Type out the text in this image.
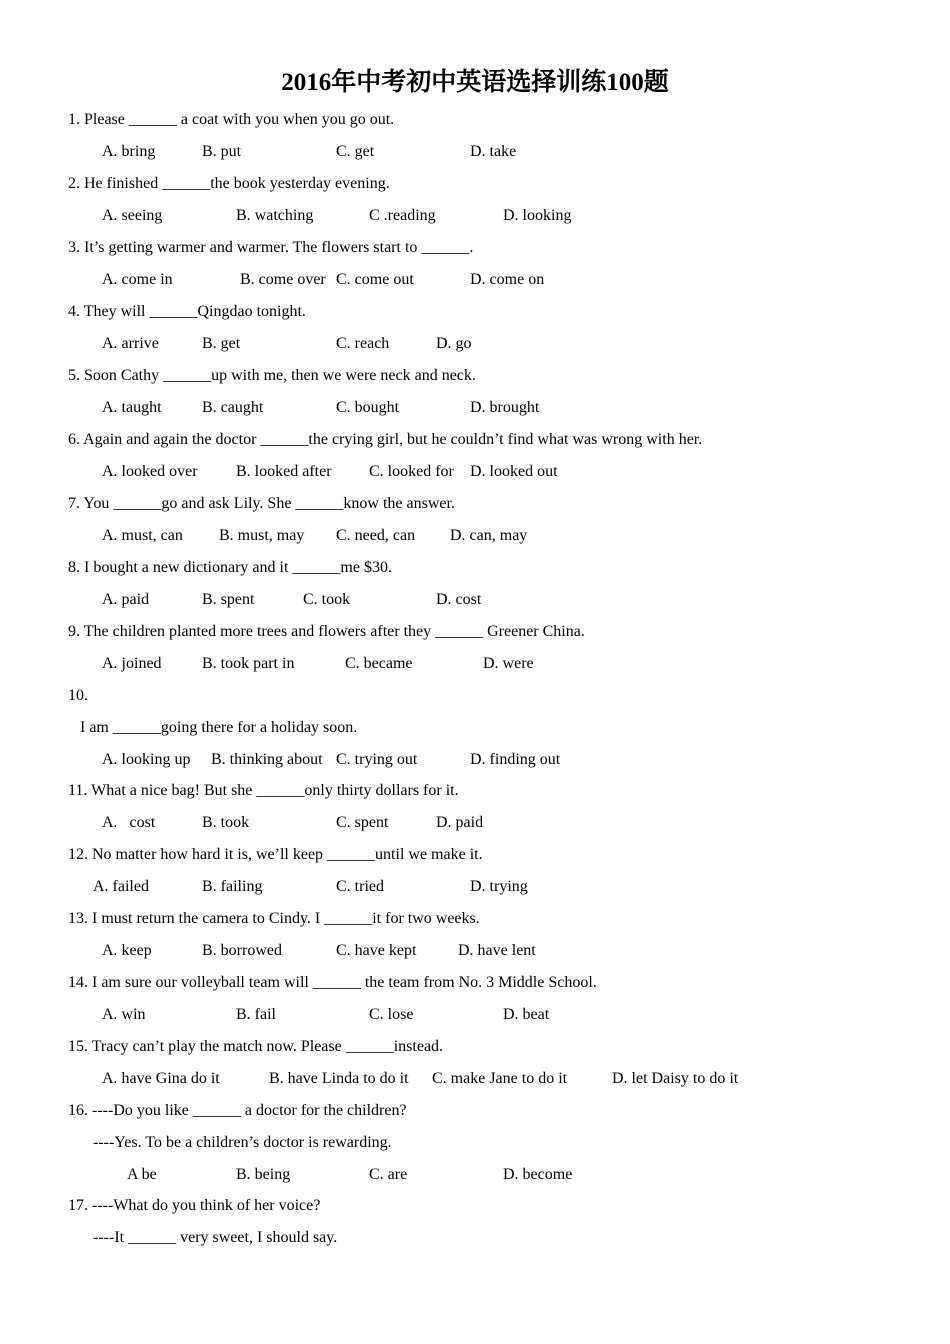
2016年中考初中英语选择训练100题
1. Please ______ a coat with you when you go out.
A. bring	B. put	C. get	D. take
2. He finished ______the book yesterday evening.
A. seeing	B. watching	C .reading	D. looking
3. It’s getting warmer and warmer. The flowers start to ______.
A. come in	B. come over C. come out	D. come on
4. They will ______Qingdao tonight.
A. arrive	B. get	C. reach	D. go
5. Soon Cathy ______up with me, then we were neck and neck.
A. taught	B. caught	C. bought	D. brought
6. Again and again the doctor ______the crying girl, but he couldn’t find what was wrong with her.
A. looked over B. looked after C. looked for D. looked out
7. You ______go and ask Lily. She ______know the answer.
A. must, can B. must, may C. need, can D. can, may
8. I bought a new dictionary and it ______me $30.
A. paid	B. spent	C. took	D. cost
9. The children planted more trees and flowers after they ______ Greener China.
A. joined	B. took part in	C. became	D. were
10.
I am ______going there for a holiday soon.
A. looking up B. thinking about C. trying out	D. finding out
11. What a nice bag! But she ______only thirty dollars for it.
A.   cost	B. took	C. spent	D. paid
12. No matter how hard it is, we’ll keep ______until we make it.
A. failed	B. failing	C. tried	D. trying
13. I must return the camera to Cindy. I ______it for two weeks.
A. keep	B. borrowed	C. have kept	D. have lent
14. I am sure our volleyball team will ______ the team from No. 3 Middle School.
A. win	B. fail	C. lose	D. beat
15. Tracy can’t play the match now. Please ______instead.
A. have Gina do it	B. have Linda to do it C. make Jane to do it	D. let Daisy to do it
16. ----Do you like ______ a doctor for the children?
----Yes. To be a children’s doctor is rewarding.
A be	B. being	C. are	D. become
17. ----What do you think of her voice?
----It ______ very sweet, I should say.
